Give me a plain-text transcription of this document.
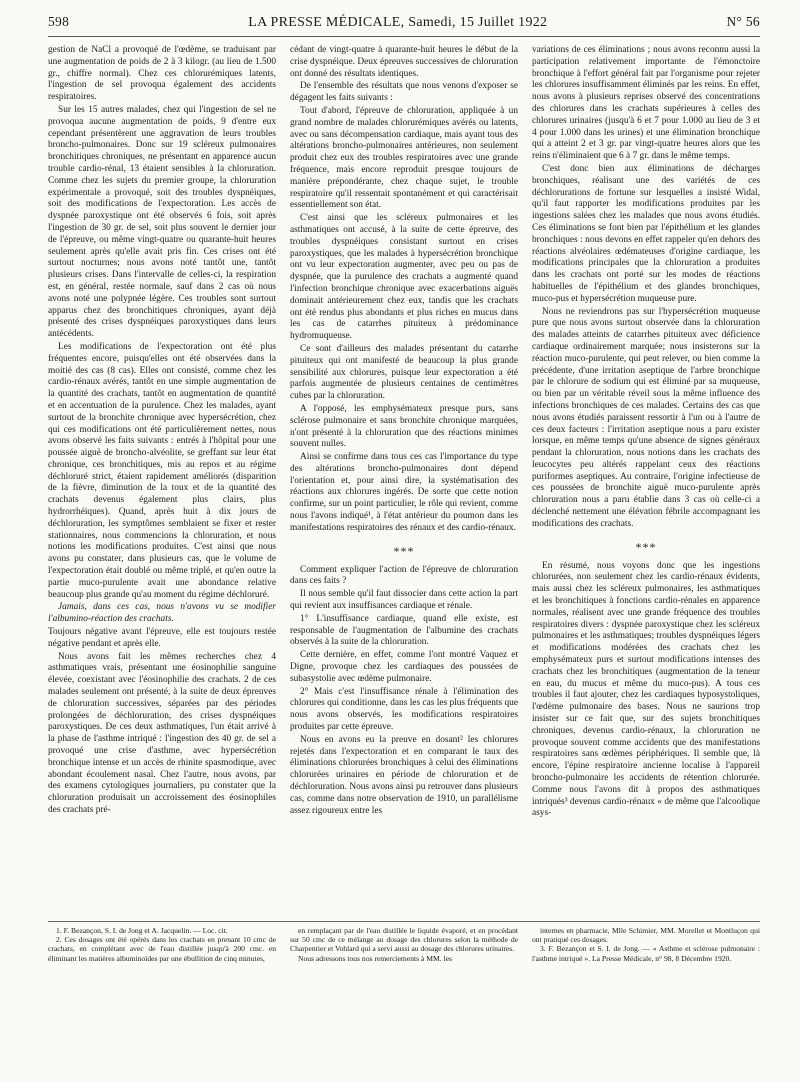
598	LA PRESSE MÉDICALE, Samedi, 15 Juillet 1922	N° 56

gestion de NaCl a provoqué de l'œdème, se traduisant par une augmentation de poids de 2 à 3 kilogr. (au lieu de 1.500 gr., chiffre normal). Chez ces chlorurémiques latents, l'ingestion de sel provoqua également des accidents respiratoires.

Sur les 15 autres malades, chez qui l'ingestion de sel ne provoqua aucune augmentation de poids, 9 d'entre eux cependant présentèrent une aggravation de leurs troubles broncho-pulmonaires. Donc sur 19 scléreux pulmonaires bronchitiques chroniques, ne présentant en apparence aucun trouble cardio-rénal, 13 étaient sensibles à la chloruration. Comme chez les sujets du premier groupe, la chloruration expérimentale a provoqué, soit des troubles dyspnéiques, soit des modifications de l'expectoration. Les accès de dyspnée paroxystique ont été observés 6 fois, soit après l'ingestion de 30 gr. de sel, soit plus souvent le dernier jour de l'épreuve, ou même vingt-quatre ou quarante-huit heures seulement après qu'elle avait pris fin. Ces crises ont été surtout nocturnes; nous avons noté tantôt une, tantôt plusieurs crises. Dans l'intervalle de celles-ci, la respiration est, en général, restée normale, sauf dans 2 cas où nous avons noté une polypnée légère. Ces troubles sont surtout apparus chez des bronchitiques chroniques, ayant déjà présenté des crises dyspnéiques paroxystiques dans leurs antécédents.

Les modifications de l'expectoration ont été plus fréquentes encore, puisqu'elles ont été observées dans la moitié des cas (8 cas). Elles ont consisté, comme chez les cardio-rénaux avérés, tantôt en une simple augmentation de la quantité des crachats, tantôt en augmentation de quantité et en accentuation de la purulence. Chez les malades, ayant surtout de la bronchite chronique avec hypersécrétion, chez qui ces modifications ont été particulièrement nettes, nous avons observé les faits suivants : entrés à l'hôpital pour une poussée aiguë de broncho-alvéolite, se greffant sur leur état chronique, ces bronchitiques, mis au repos et au régime déchloruré strict, étaient rapidement améliorés (disparition de la fièvre, diminution de la toux et de la quantité des crachats devenus également plus clairs, plus hydrorrhéiques). Quand, après huit à dix jours de déchloruration, les symptômes semblaient se fixer et rester stationnaires, nous commencions la chloruration, et nous notions les modifications produites. C'est ainsi que nous avons pu constater, dans plusieurs cas, que le volume de l'expectoration était doublé ou même triplé, et qu'en outre la partie muco-purulente avait une abondance relative beaucoup plus grande qu'au moment du régime déchloruré.

Jamais, dans ces cas, nous n'avons vu se modifier l'albumino-réaction des crachats.

Toujours négative avant l'épreuve, elle est toujours restée négative pendant et après elle.

Nous avons fait les mêmes recherches chez 4 asthmatiques vrais, présentant une éosinophilie sanguine élevée, coexistant avec l'éosinophilie des crachats. 2 de ces malades seulement ont présenté, à la suite de deux épreuves de chloruration successives, séparées par des périodes prolongées de déchloruration, des crises dyspnéiques paroxystiques. De ces deux asthmatiques, l'un était arrivé à la phase de l'asthme intriqué : l'ingestion des 40 gr. de sel a provoqué une crise d'asthme, avec hypersécrétion bronchique intense et un accès de rhinite spasmodique, avec abondant écoulement nasal. Chez l'autre, nous avons, par des examens cytologiques journaliers, pu constater que la chloruration produisait un accroissement des éosinophiles des crachats pré-

cédant de vingt-quatre à quarante-huit heures le début de la crise dyspnéique. Deux épreuves successives de chloruration ont donné des résultats identiques.

De l'ensemble des résultats que nous venons d'exposer se dégagent les faits suivants :

Tout d'abord, l'épreuve de chloruration, appliquée à un grand nombre de malades chlorurémiques avérés ou latents, avec ou sans décompensation cardiaque, mais ayant tous des altérations broncho-pulmonaires antérieures, non seulement produit chez eux des troubles respiratoires avec une grande fréquence, mais encore reproduit presque toujours de manière prépondérante, chez chaque sujet, le trouble respiratoire qu'il ressentait spontanément et qui caractérisait essentiellement son état.

C'est ainsi que les scléreux pulmonaires et les asthmatiques ont accusé, à la suite de cette épreuve, des troubles dyspnéiques consistant surtout en crises paroxystiques, que les malades à hypersécrétion bronchique ont vu leur expectoration augmenter, avec peu ou pas de dyspnée, que la purulence des crachats a augmenté quand l'infection bronchique chronique avec exacerbations aiguës dominait antérieurement chez eux, tandis que les crachats ont été rendus plus abondants et plus riches en mucus dans les cas de catarrhes pituiteux à prédominance hydromuqueuse.

Ce sont d'ailleurs des malades présentant du catarrhe pituiteux qui ont manifesté de beaucoup la plus grande sensibilité aux chlorures, puisque leur expectoration a été parfois augmentée de plusieurs centaines de centimètres cubes par la chloruration.

A l'opposé, les emphysémateux presque purs, sans sclérose pulmonaire et sans bronchite chronique marquées, n'ont présenté à la chloruration que des réactions minimes souvent nulles.

Ainsi se confirme dans tous ces cas l'importance du type des altérations broncho-pulmonaires dont dépend l'orientation et, pour ainsi dire, la systématisation des réactions aux chlorures ingérés. De sorte que cette notion confirme, sur un point particulier, le rôle qui revient, comme nous l'avons indiqué¹, à l'état antérieur du poumon dans les manifestations respiratoires des rénaux et des cardio-rénaux.

***

Comment expliquer l'action de l'épreuve de chloruration dans ces faits ?

Il nous semble qu'il faut dissocier dans cette action la part qui revient aux insuffisances cardiaque et rénale.

1° L'insuffisance cardiaque, quand elle existe, est responsable de l'augmentation de l'albumine des crachats observés à la suite de la chloruration.

Cette dernière, en effet, comme l'ont montré Vaquez et Digne, provoque chez les cardiaques des poussées de subasystolie avec œdème pulmonaire.

2° Mais c'est l'insuffisance rénale à l'élimination des chlorures qui conditionne, dans les cas les plus fréquents que nous avons observés, les modifications respiratoires produites par cette épreuve.

Nous en avons eu la preuve en dosant² les chlorures rejetés dans l'expectoration et en comparant le taux des éliminations chlorurées bronchiques à celui des éliminations chlorurées urinaires en période de chloruration et de déchloruration. Nous avons ainsi pu retrouver dans plusieurs cas, comme dans notre observation de 1910, un parallélisme assez rigoureux entre les

variations de ces éliminations ; nous avons reconnu aussi la participation relativement importante de l'émonctoire bronchique à l'effort général fait par l'organisme pour rejeter les chlorures insuffisamment éliminés par les reins. En effet, nous avons à plusieurs reprises observé des concentrations des chlorures dans les crachats supérieures à celles des chlorures urinaires (jusqu'à 6 et 7 pour 1.000 au lieu de 3 et 4 pour 1.000 dans les urines) et une élimination bronchique qui a atteint 2 et 3 gr. par vingt-quatre heures alors que les reins n'éliminaient que 6 à 7 gr. dans le même temps.

C'est donc bien aux éliminations de décharges bronchiques, réalisant une des variétés de ces déchlorurations de fortune sur lesquelles a insisté Widal, qu'il faut rapporter les modifications produites par les ingestions salées chez les malades que nous avons étudiés. Ces éliminations se font bien par l'épithélium et les glandes bronchiques : nous devons en effet rappeler qu'en dehors des réactions alvéolaires œdémateuses d'origine cardiaque, les modifications principales que la chloruration a produites dans les crachats ont porté sur les modes de réactions habituelles de l'épithélium et des glandes bronchiques, muco-pus et hypersécrétion muqueuse pure.

Nous ne reviendrons pas sur l'hypersécrétion muqueuse pure que nous avons surtout observée dans la chloruration des malades atteints de catarrhes pituiteux avec déficience cardiaque ordinairement marquée; nous insisterons sur la réaction muco-purulente, qui peut relever, ou bien comme la précédente, d'une irritation aseptique de l'arbre bronchique par le chlorure de sodium qui est éliminé par sa muqueuse, ou bien par un véritable réveil sous la même influence des infections bronchiques de ces malades. Certains des cas que nous avons étudiés paraissent ressortir à l'un ou à l'autre de ces deux facteurs : l'irritation aseptique nous a paru exister lorsque, en même temps qu'une absence de signes généraux pendant la chloruration, nous notions dans les crachats des leucocytes peu altérés rappelant ceux des réactions puriformes aseptiques. Au contraire, l'origine infectieuse de ces poussées de bronchite aiguë muco-purulente après chloruration nous a paru établie dans 3 cas où celle-ci a déclenché nettement une élévation fébrile accompagnant les modifications des crachats.

***

En résumé, nous voyons donc que les ingestions chlorurées, non seulement chez les cardio-rénaux évidents, mais aussi chez les scléreux pulmonaires, les asthmatiques et les bronchitiques à fonctions cardio-rénales en apparence normales, réalisent avec une grande fréquence des troubles respiratoires divers : dyspnée paroxystique chez les scléreux pulmonaires et les asthmatiques; troubles dyspnéiques légers et modifications modérées des crachats chez les emphysémateux purs et surtout modifications intenses des crachats chez les bronchitiques (augmentation de la teneur en eau, du mucus et même du muco-pus). A tous ces troubles il faut ajouter, chez les cardiaques hyposystoliques, l'œdème pulmonaire des bases. Nous ne saurions trop insister sur ce fait que, sur des sujets bronchitiques chroniques, devenus cardio-rénaux, la chloruration ne provoque souvent comme accidents que des manifestations respiratoires sans œdèmes périphériques. Il semble que, là encore, l'épine respiratoire ancienne localise à l'appareil broncho-pulmonaire les accidents de rétention chlorurée. Comme nous l'avons dit à propos des asthmatiques intriqués³ devenus cardio-rénaux « de même que l'alcoolique asys-

1. F. Bezançon, S. I. de Jong et A. Jacquelin. — Loc. cit.

2. Ces dosages ont été opérés dans les crachats en prenant 10 cmc de crachats, en complétant avec de l'eau distillée jusqu'à 200 cmc. en éliminant les matières albuminoïdes par une ébullition de cinq minutes,

en remplaçant par de l'eau distillée le liquide évaporé, et en procédant sur 50 cmc de ce mélange au dosage des chlorures selon la méthode de Charpentier et Vohlard qui a servi aussi au dosage des chlorures urinaires.

Nous adressons tous nos remerciements à MM. les

internes en pharmacie, Mlle Schimier, MM. Morellet et Montluçon qui ont pratiqué ces dosages.

3. F. Bezançon et S. I. de Jong. — « Asthme et sclérose pulmonaire : l'asthme intriqué ». La Presse Médicale, n° 98, 8 Décembre 1920.
